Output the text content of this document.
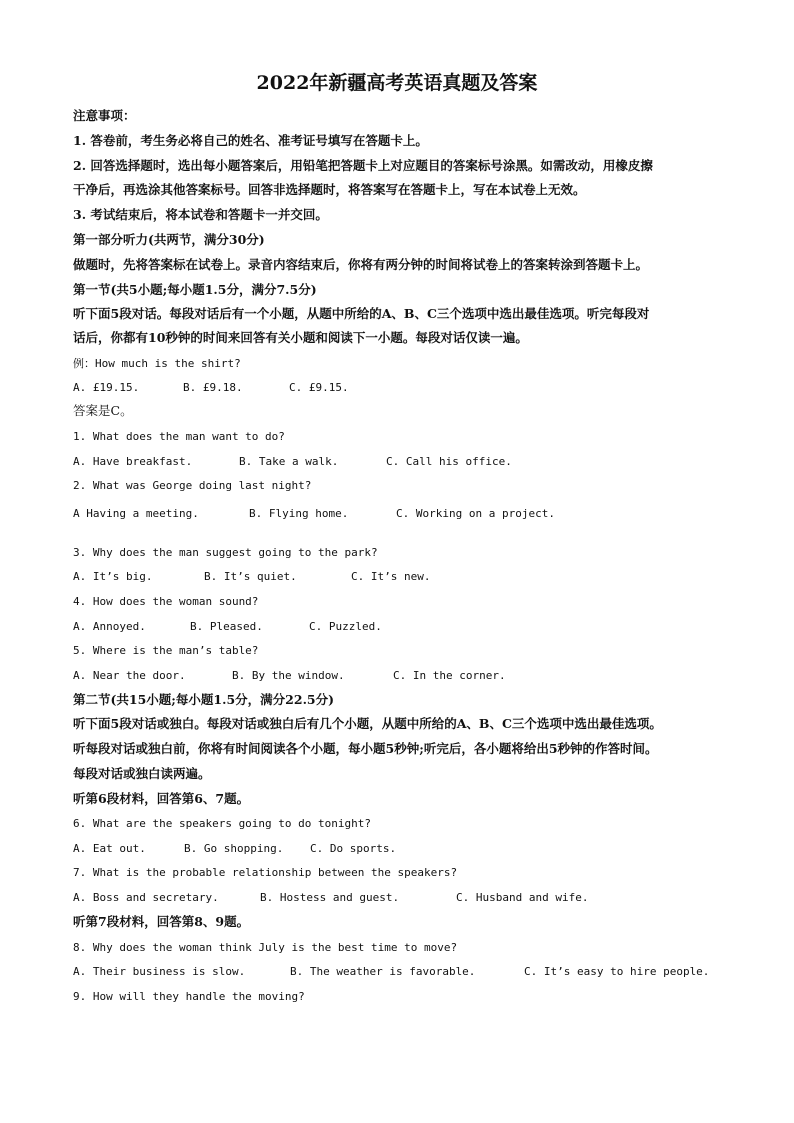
2022年新疆高考英语真题及答案
注意事项：
1. 答卷前，考生务必将自己的姓名、准考证号填写在答题卡上。
2. 回答选择题时，选出每小题答案后，用铅笔把答题卡上对应题目的答案标号涂黑。如需改动，用橡皮擦
干净后，再选涂其他答案标号。回答非选择题时，将答案写在答题卡上，写在本试卷上无效。
3. 考试结束后，将本试卷和答题卡一并交回。
第一部分听力(共两节，满分30分)
做题时，先将答案标在试卷上。录音内容结束后，你将有两分钟的时间将试卷上的答案转涂到答题卡上。
第一节(共5小题;每小题1.5分，满分7.5分)
听下面5段对话。每段对话后有一个小题，从题中所给的A、B、C三个选项中选出最佳选项。听完每段对
话后，你都有10秒钟的时间来回答有关小题和阅读下一小题。每段对话仅读一遍。
例：How much is the shirt?
A. £19.15.	B. £9.18.	C. £9.15.
答案是C。
1. What does the man want to do?
A. Have breakfast.	B. Take a walk.	C. Call his office.
2. What was George doing last night?
A Having a meeting.	B. Flying home.	C. Working on a project.
3. Why does the man suggest going to the park?
A. It’s big.	B. It’s quiet.	C. It’s new.
4. How does the woman sound?
A. Annoyed.	B. Pleased.	C. Puzzled.
5. Where is the man’s table?
A. Near the door.	B. By the window.	C. In the corner.
第二节(共15小题;每小题1.5分，满分22.5分)
听下面5段对话或独白。每段对话或独白后有几个小题，从题中所给的A、B、C三个选项中选出最佳选项。
听每段对话或独白前，你将有时间阅读各个小题，每小题5秒钟;听完后，各小题将给出5秒钟的作答时间。
每段对话或独白读两遍。
听第6段材料，回答第6、7题。
6. What are the speakers going to do tonight?
A. Eat out.	B. Go shopping. C. Do sports.
7. What is the probable relationship between the speakers?
A. Boss and secretary.	B. Hostess and guest.	C. Husband and wife.
听第7段材料，回答第8、9题。
8. Why does the woman think July is the best time to move?
A. Their business is slow.	B. The weather is favorable.	C. It’s easy to hire people.
9. How will they handle the moving?
